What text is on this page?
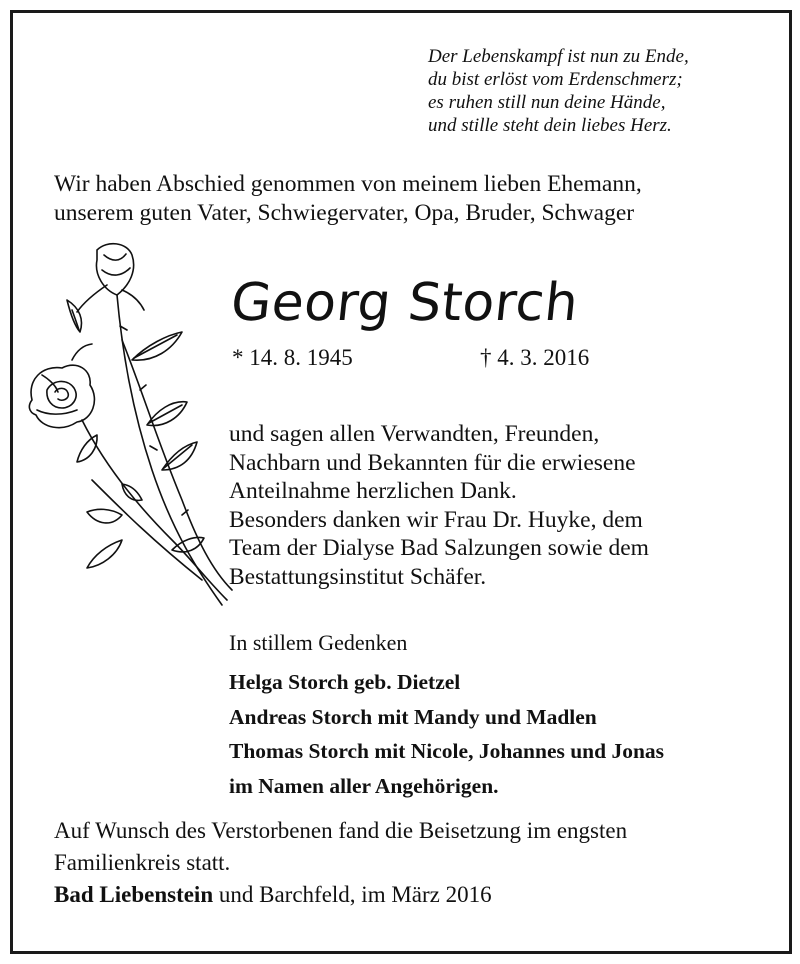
Der Lebenskampf ist nun zu Ende,
du bist erlöst vom Erdenschmerz;
es ruhen still nun deine Hände,
und stille steht dein liebes Herz.
Wir haben Abschied genommen von meinem lieben Ehemann,
unserem guten Vater, Schwiegervater, Opa, Bruder, Schwager
Georg Storch
* 14. 8. 1945	† 4. 3. 2016
und sagen allen Verwandten, Freunden,
Nachbarn und Bekannten für die erwiesene
Anteilnahme herzlichen Dank.
Besonders danken wir Frau Dr. Huyke, dem
Team der Dialyse Bad Salzungen sowie dem
Bestattungsinstitut Schäfer.
In stillem Gedenken
Helga Storch geb. Dietzel
Andreas Storch mit Mandy und Madlen
Thomas Storch mit Nicole, Johannes und Jonas
im Namen aller Angehörigen.
Auf Wunsch des Verstorbenen fand die Beisetzung im engsten
Familienkreis statt.
Bad Liebenstein und Barchfeld, im März 2016
